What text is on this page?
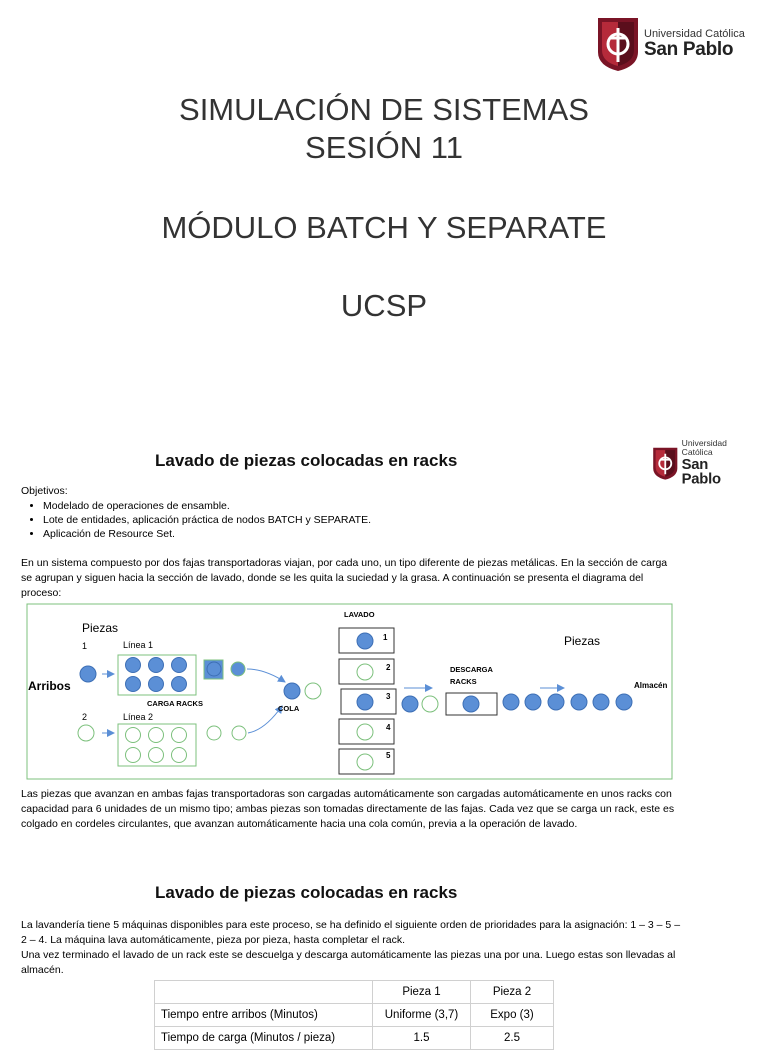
Universidad Católica
San Pablo
SIMULACIÓN DE SISTEMAS
SESIÓN 11
MÓDULO BATCH Y SEPARATE
UCSP
Lavado de piezas colocadas en racks
Universidad Católica
San Pablo
Objetivos:
• Modelado de operaciones de ensamble.
• Lote de entidades, aplicación práctica de nodos BATCH y SEPARATE.
• Aplicación de Resource Set.
En un sistema compuesto por dos fajas transportadoras viajan, por cada uno, un tipo diferente de piezas metálicas. En la sección de carga se agrupan y siguen hacia la sección de lavado, donde se les quita la suciedad y la grasa. A continuación se presenta el diagrama del proceso:
Piezas
1
Arribos
2
Línea 1
Línea 2
CARGA RACKS
COLA
LAVADO
1
2
3
4
5
DESCARGA
RACKS
Piezas
Almacén
Las piezas que avanzan en ambas fajas transportadoras son cargadas automáticamente son cargadas automáticamente en unos racks con capacidad para 6 unidades de un mismo tipo; ambas piezas son tomadas directamente de las fajas. Cada vez que se carga un rack, este es colgado en cordeles circulantes, que avanzan automáticamente hacia una cola común, previa a la operación de lavado.
Lavado de piezas colocadas en racks
La lavandería tiene 5 máquinas disponibles para este proceso, se ha definido el siguiente orden de prioridades para la asignación: 1 – 3 – 5 – 2 – 4. La máquina lava automáticamente, pieza por pieza, hasta completar el rack.
Una vez terminado el lavado de un rack este se descuelga y descarga automáticamente las piezas una por una. Luego estas son llevadas al almacén.
	Pieza 1	Pieza 2
Tiempo entre arribos (Minutos)	Uniforme (3,7)	Expo (3)
Tiempo de carga (Minutos / pieza)	1.5	2.5
